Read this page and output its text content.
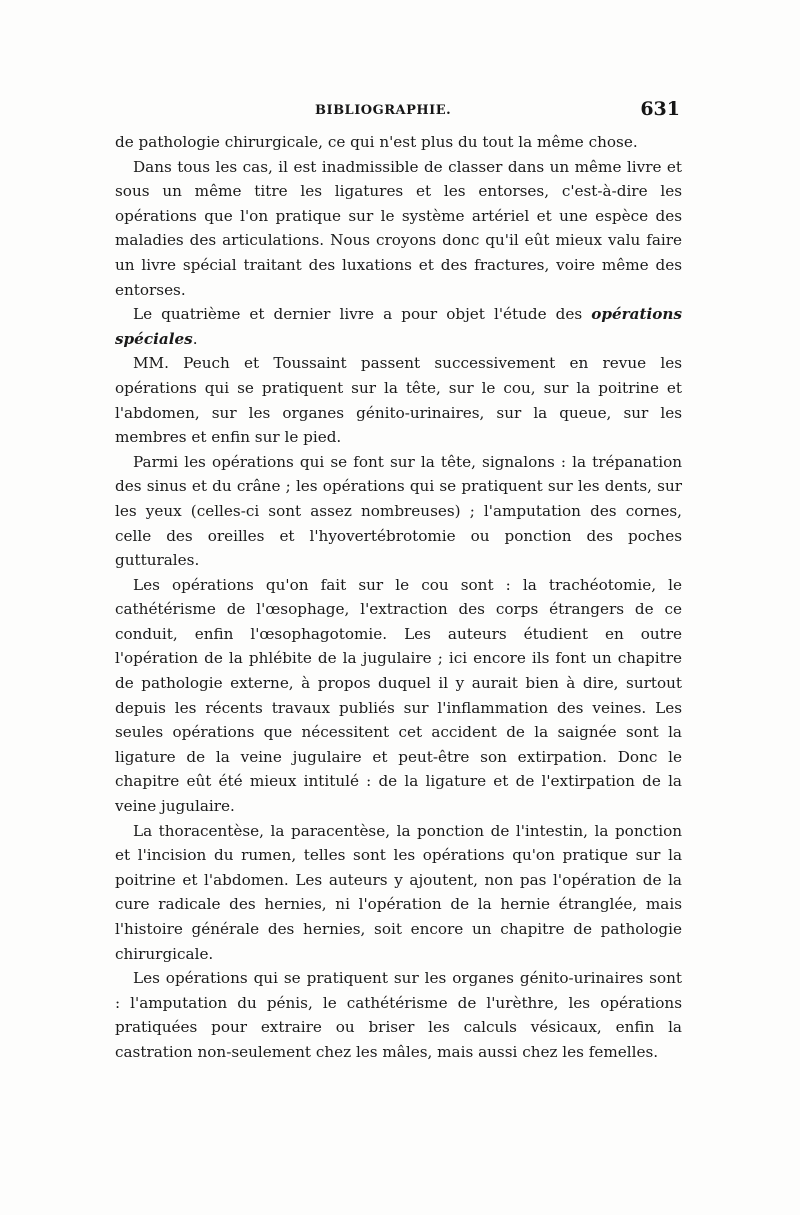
BIBLIOGRAPHIE.	631

de pathologie chirurgicale, ce qui n'est plus du tout la même chose.

Dans tous les cas, il est inadmissible de classer dans un même livre et sous un même titre les ligatures et les entorses, c'est-à-dire les opérations que l'on pratique sur le système artériel et une espèce des maladies des articulations. Nous croyons donc qu'il eût mieux valu faire un livre spécial traitant des luxations et des fractures, voire même des entorses.

Le quatrième et dernier livre a pour objet l'étude des opérations spéciales.

MM. Peuch et Toussaint passent successivement en revue les opérations qui se pratiquent sur la tête, sur le cou, sur la poitrine et l'abdomen, sur les organes génito-urinaires, sur la queue, sur les membres et enfin sur le pied.

Parmi les opérations qui se font sur la tête, signalons : la trépanation des sinus et du crâne ; les opérations qui se pratiquent sur les dents, sur les yeux (celles-ci sont assez nombreuses) ; l'amputation des cornes, celle des oreilles et l'hyovertébrotomie ou ponction des poches gutturales.

Les opérations qu'on fait sur le cou sont : la trachéotomie, le cathétérisme de l'œsophage, l'extraction des corps étrangers de ce conduit, enfin l'œsophagotomie. Les auteurs étudient en outre l'opération de la phlébite de la jugulaire ; ici encore ils font un chapitre de pathologie externe, à propos duquel il y aurait bien à dire, surtout depuis les récents travaux publiés sur l'inflammation des veines. Les seules opérations que nécessitent cet accident de la saignée sont la ligature de la veine jugulaire et peut-être son extirpation. Donc le chapitre eût été mieux intitulé : de la ligature et de l'extirpation de la veine jugulaire.

La thoracentèse, la paracentèse, la ponction de l'intestin, la ponction et l'incision du rumen, telles sont les opérations qu'on pratique sur la poitrine et l'abdomen. Les auteurs y ajoutent, non pas l'opération de la cure radicale des hernies, ni l'opération de la hernie étranglée, mais l'histoire générale des hernies, soit encore un chapitre de pathologie chirurgicale.

Les opérations qui se pratiquent sur les organes génito-urinaires sont : l'amputation du pénis, le cathétérisme de l'urèthre, les opérations pratiquées pour extraire ou briser les calculs vésicaux, enfin la castration non-seulement chez les mâles, mais aussi chez les femelles.
